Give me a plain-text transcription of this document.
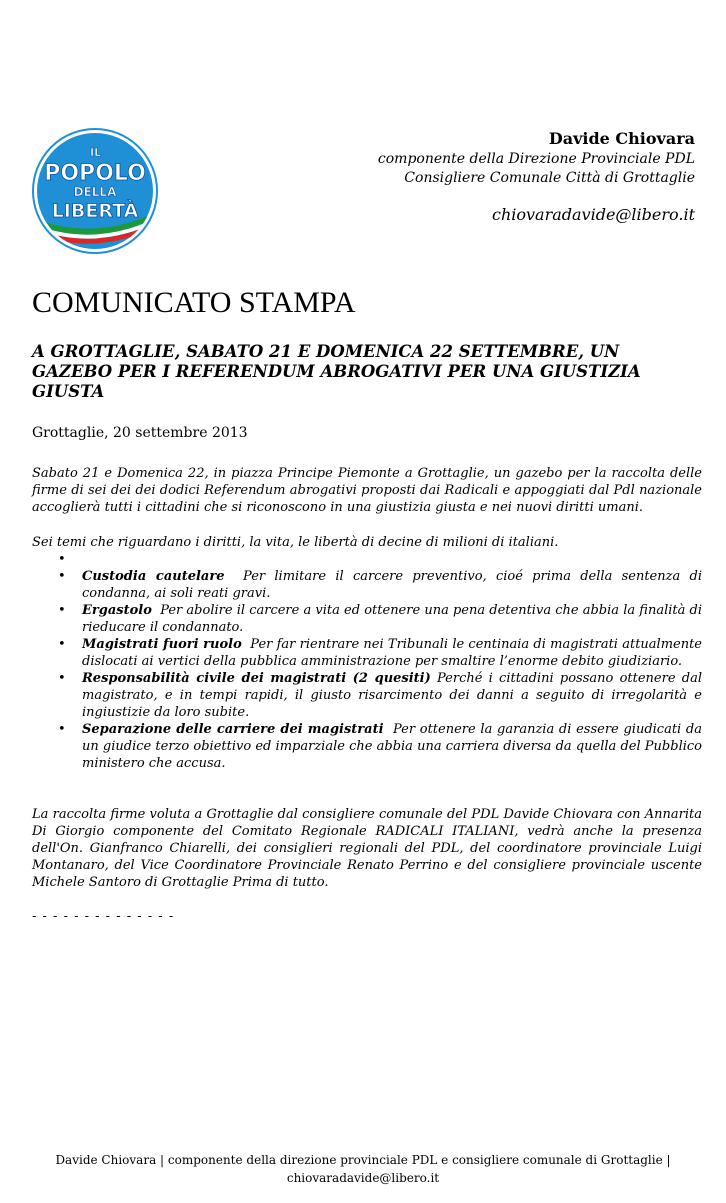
IL
POPOLO
DELLA
LIBERTÀ
Davide Chiovara
componente della Direzione Provinciale PDL
Consigliere Comunale Città di Grottaglie
chiovaradavide@libero.it
COMUNICATO STAMPA
A GROTTAGLIE, SABATO 21 E DOMENICA 22 SETTEMBRE, UN GAZEBO PER I REFERENDUM ABROGATIVI PER UNA GIUSTIZIA GIUSTA
Grottaglie, 20 settembre 2013

Sabato 21 e Domenica 22, in piazza Principe Piemonte a Grottaglie, un gazebo per la raccolta delle firme di sei dei dei dodici Referendum abrogativi proposti dai Radicali e appoggiati dal Pdl nazionale accoglierà tutti i cittadini che si riconoscono in una giustizia giusta e nei nuovi diritti umani.

Sei temi che riguardano i diritti, la vita, le libertà di decine di milioni di italiani.

•
• Custodia cautelare Per limitare il carcere preventivo, cioé prima della sentenza di condanna, ai soli reati gravi.
• Ergastolo Per abolire il carcere a vita ed ottenere una pena detentiva che abbia la finalità di rieducare il condannato.
• Magistrati fuori ruolo Per far rientrare nei Tribunali le centinaia di magistrati attualmente dislocati ai vertici della pubblica amministrazione per smaltire l’enorme debito giudiziario.
• Responsabilità civile dei magistrati (2 quesiti) Perché i cittadini possano ottenere dal magistrato, e in tempi rapidi, il giusto risarcimento dei danni a seguito di irregolarità e ingiustizie da loro subite.
• Separazione delle carriere dei magistrati Per ottenere la garanzia di essere giudicati da un giudice terzo obiettivo ed imparziale che abbia una carriera diversa da quella del Pubblico ministero che accusa.

La raccolta firme voluta a Grottaglie dal consigliere comunale del PDL Davide Chiovara con Annarita Di Giorgio componente del Comitato Regionale RADICALI ITALIANI, vedrà anche la presenza dell'On. Gianfranco Chiarelli, dei consiglieri regionali del PDL, del coordinatore provinciale Luigi Montanaro, del Vice Coordinatore Provinciale Renato Perrino e del consigliere provinciale uscente Michele Santoro di Grottaglie Prima di tutto.

- - - - - - - - - - - - - -
Davide Chiovara | componente della direzione provinciale PDL e consigliere comunale di Grottaglie |
chiovaradavide@libero.it
